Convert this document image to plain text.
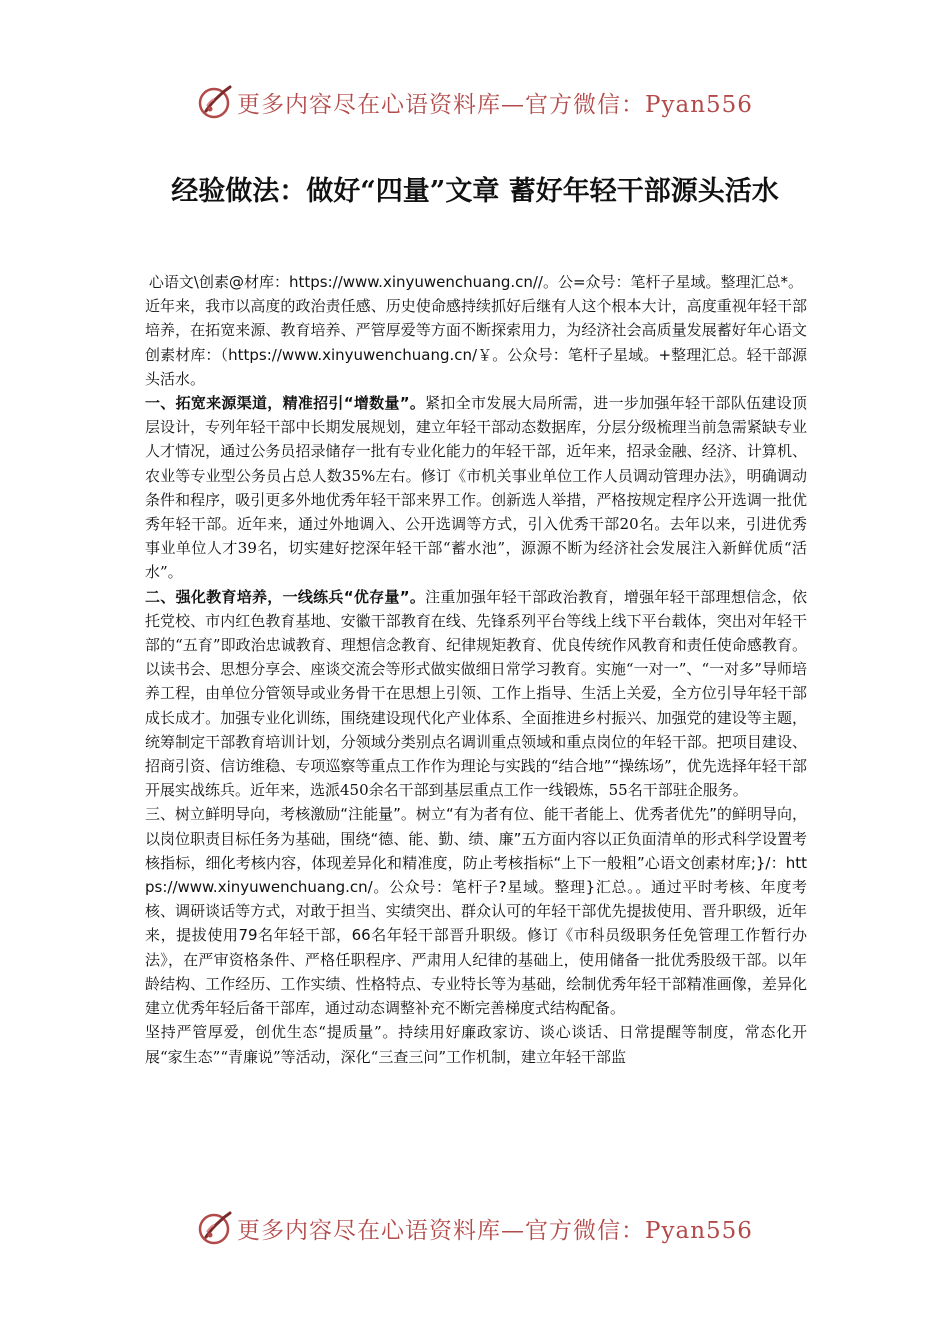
更多内容尽在心语资料库—官方微信：Pyan556
经验做法：做好“四量”文章 蓄好年轻干部源头活水

心语文\创素@材库：https://www.xinyuwenchuang.cn//。公=众号：笔杆子星域。整理汇总*。

近年来，我市以高度的政治责任感、历史使命感持续抓好后继有人这个根本大计，高度重视年轻干部培养，在拓宽来源、教育培养、严管厚爱等方面不断探索用力，为经济社会高质量发展蓄好年心语文创素材库：（https://www.xinyuwenchuang.cn/￥。公众号：笔杆子星域。+整理汇总。轻干部源头活水。

一、拓宽来源渠道，精准招引“增数量”。紧扣全市发展大局所需，进一步加强年轻干部队伍建设顶层设计，专列年轻干部中长期发展规划，建立年轻干部动态数据库，分层分级梳理当前急需紧缺专业人才情况，通过公务员招录储存一批有专业化能力的年轻干部，近年来，招录金融、经济、计算机、农业等专业型公务员占总人数35%左右。修订《市机关事业单位工作人员调动管理办法》，明确调动条件和程序，吸引更多外地优秀年轻干部来界工作。创新选人举措，严格按规定程序公开选调一批优秀年轻干部。近年来，通过外地调入、公开选调等方式，引入优秀干部20名。去年以来，引进优秀事业单位人才39名，切实建好挖深年轻干部“蓄水池”，源源不断为经济社会发展注入新鲜优质“活水”。

二、强化教育培养，一线练兵“优存量”。注重加强年轻干部政治教育，增强年轻干部理想信念，依托党校、市内红色教育基地、安徽干部教育在线、先锋系列平台等线上线下平台载体，突出对年轻干部的“五育”即政治忠诚教育、理想信念教育、纪律规矩教育、优良传统作风教育和责任使命感教育。以读书会、思想分享会、座谈交流会等形式做实做细日常学习教育。实施“一对一”、“一对多”导师培养工程，由单位分管领导或业务骨干在思想上引领、工作上指导、生活上关爱，全方位引导年轻干部成长成才。加强专业化训练，围绕建设现代化产业体系、全面推进乡村振兴、加强党的建设等主题，统筹制定干部教育培训计划，分领域分类别点名调训重点领域和重点岗位的年轻干部。把项目建设、招商引资、信访维稳、专项巡察等重点工作作为理论与实践的“结合地”“操练场”，优先选择年轻干部开展实战练兵。近年来，选派450余名干部到基层重点工作一线锻炼，55名干部驻企服务。

三、树立鲜明导向，考核激励“注能量”。树立“有为者有位、能干者能上、优秀者优先”的鲜明导向，以岗位职责目标任务为基础，围绕“德、能、勤、绩、廉”五方面内容以正负面清单的形式科学设置考核指标，细化考核内容，体现差异化和精准度，防止考核指标“上下一般粗”心语文创素材库;}/：https://www.xinyuwenchuang.cn/。公众号：笔杆子?星域。整理}汇总。。通过平时考核、年度考核、调研谈话等方式，对敢于担当、实绩突出、群众认可的年轻干部优先提拔使用、晋升职级，近年来，提拔使用79名年轻干部，66名年轻干部晋升职级。修订《市科员级职务任免管理工作暂行办法》，在严审资格条件、严格任职程序、严肃用人纪律的基础上，使用储备一批优秀股级干部。以年龄结构、工作经历、工作实绩、性格特点、专业特长等为基础，绘制优秀年轻干部精准画像，差异化建立优秀年轻后备干部库，通过动态调整补充不断完善梯度式结构配备。

坚持严管厚爱，创优生态“提质量”。持续用好廉政家访、谈心谈话、日常提醒等制度，常态化开展“家生态”“青廉说”等活动，深化“三查三问”工作机制，建立年轻干部监

更多内容尽在心语资料库—官方微信：Pyan556
